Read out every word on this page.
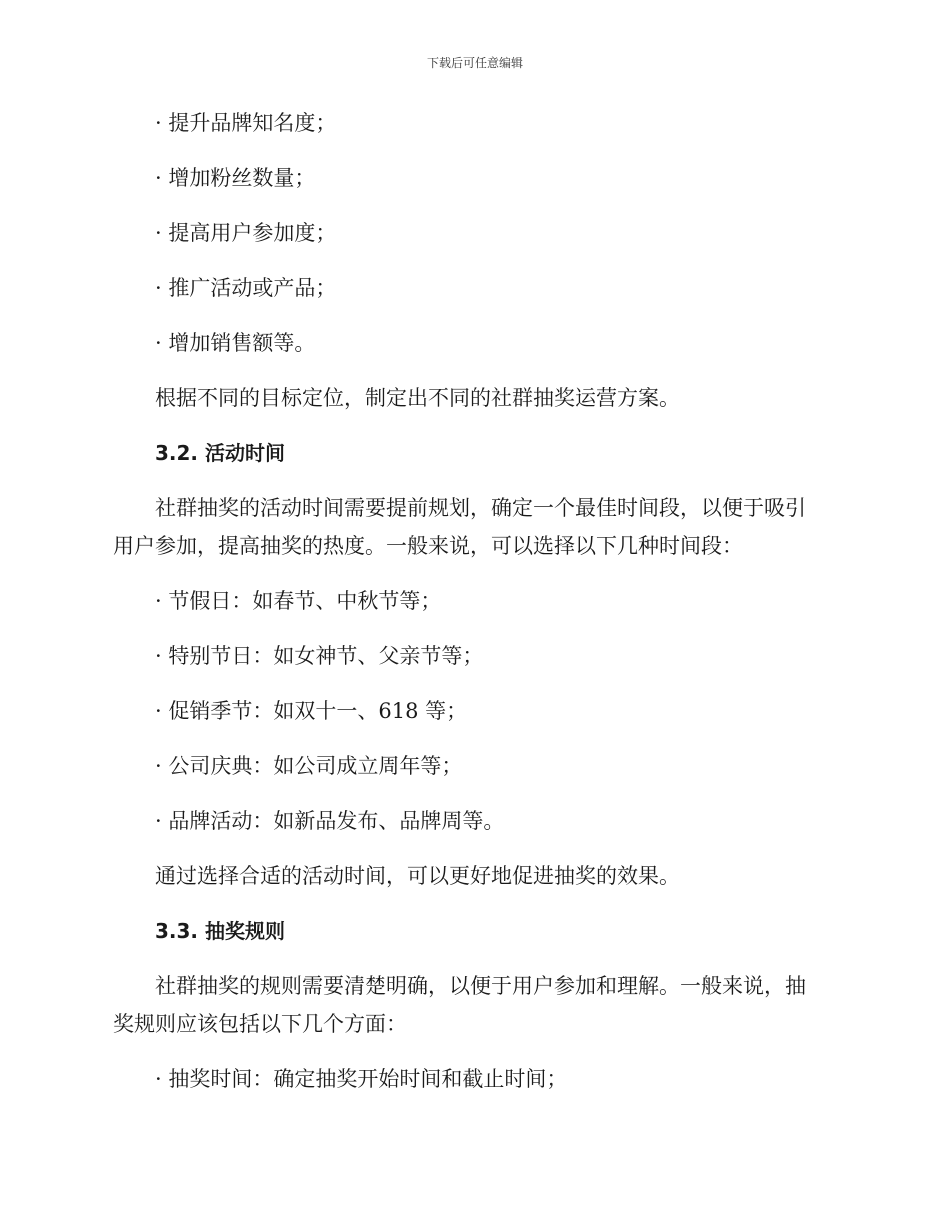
下载后可任意编辑
· 提升品牌知名度；
· 增加粉丝数量；
· 提高用户参加度；
· 推广活动或产品；
· 增加销售额等。
根据不同的目标定位，制定出不同的社群抽奖运营方案。
3.2. 活动时间
社群抽奖的活动时间需要提前规划，确定一个最佳时间段，以便于吸引
用户参加，提高抽奖的热度。一般来说，可以选择以下几种时间段：
· 节假日：如春节、中秋节等；
· 特别节日：如女神节、父亲节等；
· 促销季节：如双十一、618 等；
· 公司庆典：如公司成立周年等；
· 品牌活动：如新品发布、品牌周等。
通过选择合适的活动时间，可以更好地促进抽奖的效果。
3.3. 抽奖规则
社群抽奖的规则需要清楚明确，以便于用户参加和理解。一般来说，抽
奖规则应该包括以下几个方面：
· 抽奖时间：确定抽奖开始时间和截止时间；
